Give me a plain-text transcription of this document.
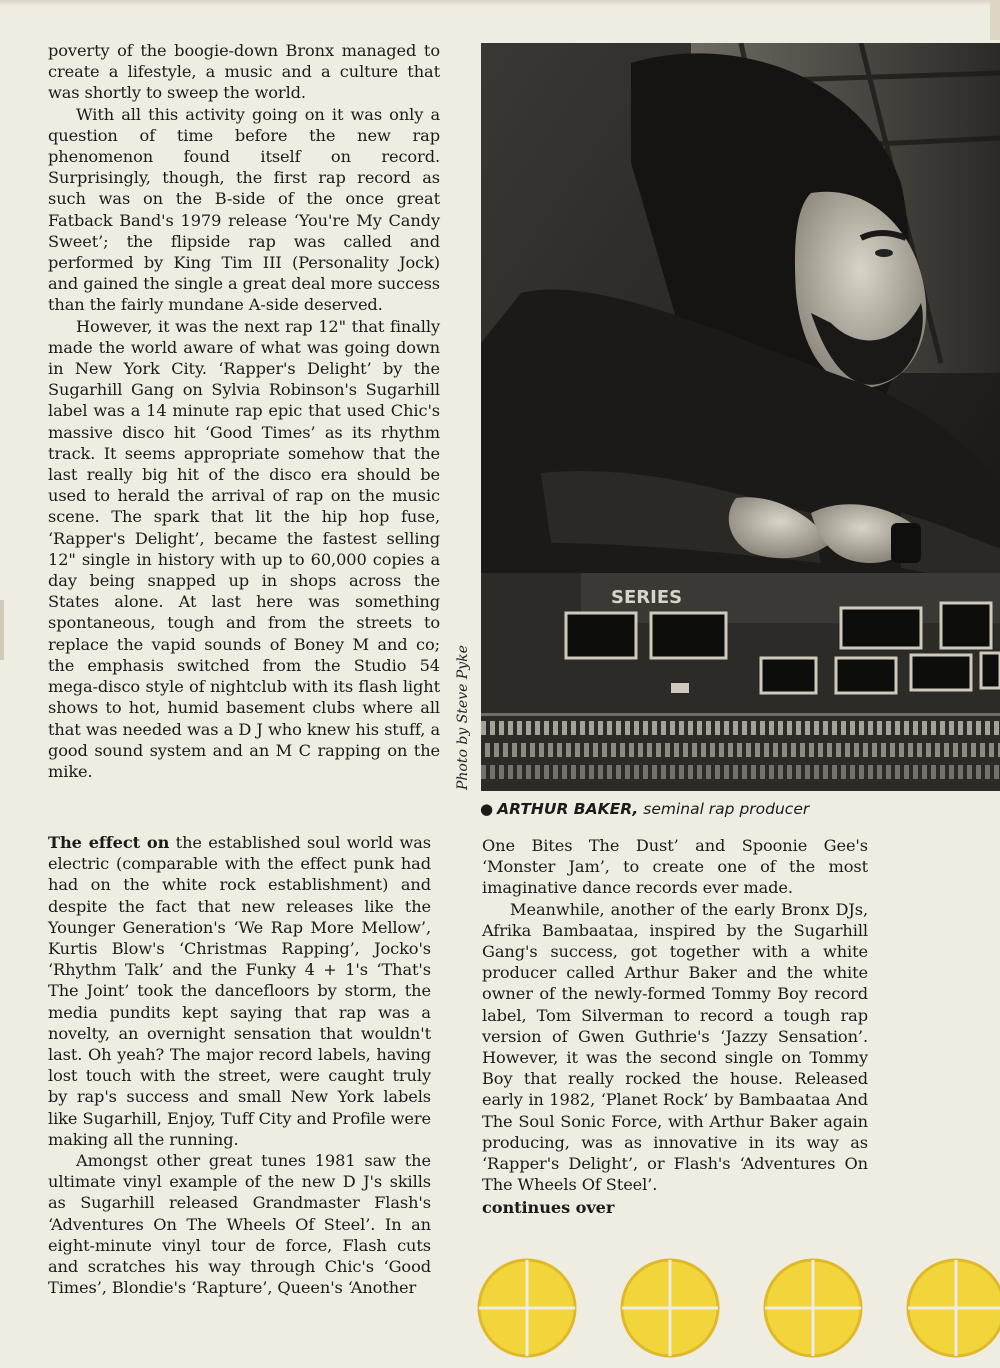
poverty of the boogie-down Bronx managed to create a lifestyle, a music and a culture that was shortly to sweep the world.

With all this activity going on it was only a question of time before the new rap phenomenon found itself on record. Surprisingly, though, the first rap record as such was on the B-side of the once great Fatback Band's 1979 release ‘You're My Candy Sweet’; the flipside rap was called and performed by King Tim III (Personality Jock) and gained the single a great deal more success than the fairly mundane A-side deserved.

However, it was the next rap 12" that finally made the world aware of what was going down in New York City. ‘Rapper's Delight’ by the Sugarhill Gang on Sylvia Robinson's Sugarhill label was a 14 minute rap epic that used Chic's massive disco hit ‘Good Times’ as its rhythm track. It seems appropriate somehow that the last really big hit of the disco era should be used to herald the arrival of rap on the music scene. The spark that lit the hip hop fuse, ‘Rapper's Delight’, became the fastest selling 12" single in history with up to 60,000 copies a day being snapped up in shops across the States alone. At last here was something spontaneous, tough and from the streets to replace the vapid sounds of Boney M and co; the emphasis switched from the Studio 54 mega-disco style of nightclub with its flash light shows to hot, humid basement clubs where all that was needed was a D J who knew his stuff, a good sound system and an M C rapping on the mike.

The effect on the established soul world was electric (comparable with the effect punk had had on the white rock establishment) and despite the fact that new releases like the Younger Generation's ‘We Rap More Mellow’, Kurtis Blow's ‘Christmas Rapping’, Jocko's ‘Rhythm Talk’ and the Funky 4 + 1's ‘That's The Joint’ took the dancefloors by storm, the media pundits kept saying that rap was a novelty, an overnight sensation that wouldn't last. Oh yeah? The major record labels, having lost touch with the street, were caught truly by rap's success and small New York labels like Sugarhill, Enjoy, Tuff City and Profile were making all the running.

Amongst other great tunes 1981 saw the ultimate vinyl example of the new D J's skills as Sugarhill released Grandmaster Flash's ‘Adventures On The Wheels Of Steel’. In an eight-minute vinyl tour de force, Flash cuts and scratches his way through Chic's ‘Good Times’, Blondie's ‘Rapture’, Queen's ‘Another

One Bites The Dust’ and Spoonie Gee's ‘Monster Jam’, to create one of the most imaginative dance records ever made.

Meanwhile, another of the early Bronx DJs, Afrika Bambaataa, inspired by the Sugarhill Gang's success, got together with a white producer called Arthur Baker and the white owner of the newly-formed Tommy Boy record label, Tom Silverman to record a tough rap version of Gwen Guthrie's ‘Jazzy Sensation’. However, it was the second single on Tommy Boy that really rocked the house. Released early in 1982, ‘Planet Rock’ by Bambaataa And The Soul Sonic Force, with Arthur Baker again producing, was as innovative in its way as ‘Rapper's Delight’, or Flash's ‘Adventures On The Wheels Of Steel’.

continues over

SERIES
Photo by Steve Pyke
● ARTHUR BAKER, seminal rap producer
